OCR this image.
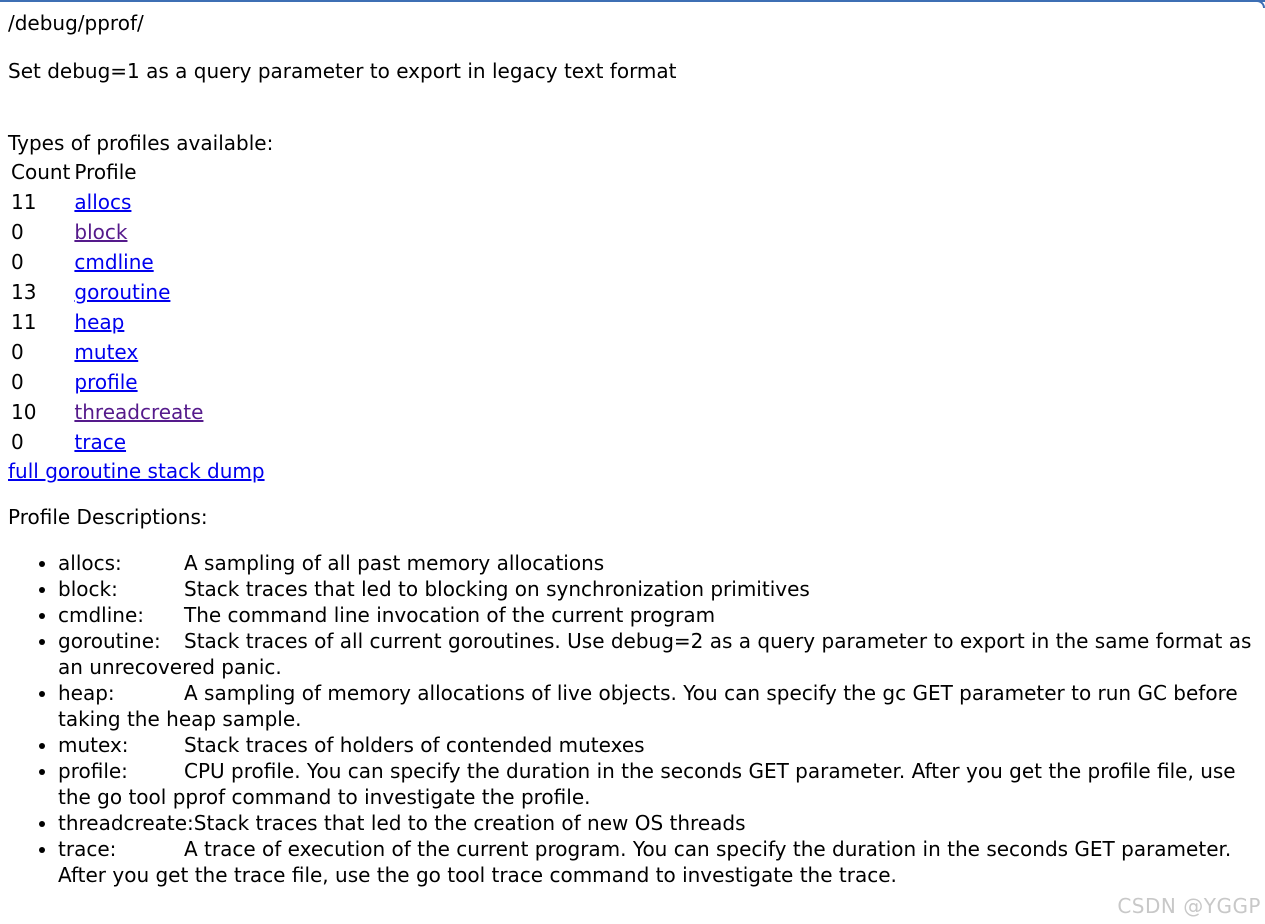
/debug/pprof/
Set debug=1 as a query parameter to export in legacy text format
Types of profiles available:
Count	Profile
11	allocs
0	block
0	cmdline
13	goroutine
11	heap
0	mutex
0	profile
10	threadcreate
0	trace
full goroutine stack dump
Profile Descriptions:
• allocs:	A sampling of all past memory allocations
• block:	Stack traces that led to blocking on synchronization primitives
• cmdline: The command line invocation of the current program
• goroutine: Stack traces of all current goroutines. Use debug=2 as a query parameter to export in the same format as an unrecovered panic.
• heap:	A sampling of memory allocations of live objects. You can specify the gc GET parameter to run GC before taking the heap sample.
• mutex:	Stack traces of holders of contended mutexes
• profile:	CPU profile. You can specify the duration in the seconds GET parameter. After you get the profile file, use the go tool pprof command to investigate the profile.
• threadcreate:Stack traces that led to the creation of new OS threads
• trace:	A trace of execution of the current program. You can specify the duration in the seconds GET parameter. After you get the trace file, use the go tool trace command to investigate the trace.
CSDN @YGGP
